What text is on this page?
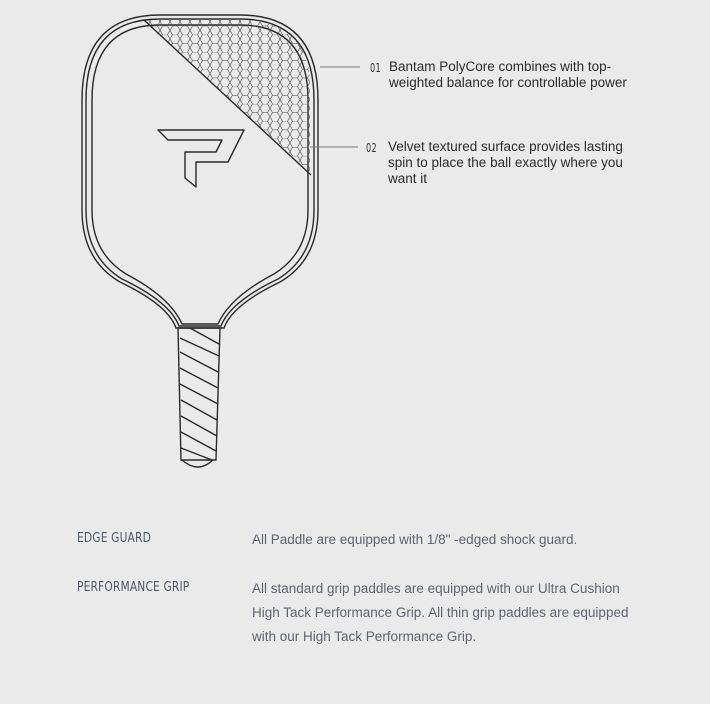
01 Bantam PolyCore combines with top-weighted balance for controllable power
02 Velvet textured surface provides lasting spin to place the ball exactly where you want it
EDGE GUARD	All Paddle are equipped with 1/8" -edged shock guard.
PERFORMANCE GRIP	All standard grip paddles are equipped with our Ultra Cushion High Tack Performance Grip. All thin grip paddles are equipped with our High Tack Performance Grip.
